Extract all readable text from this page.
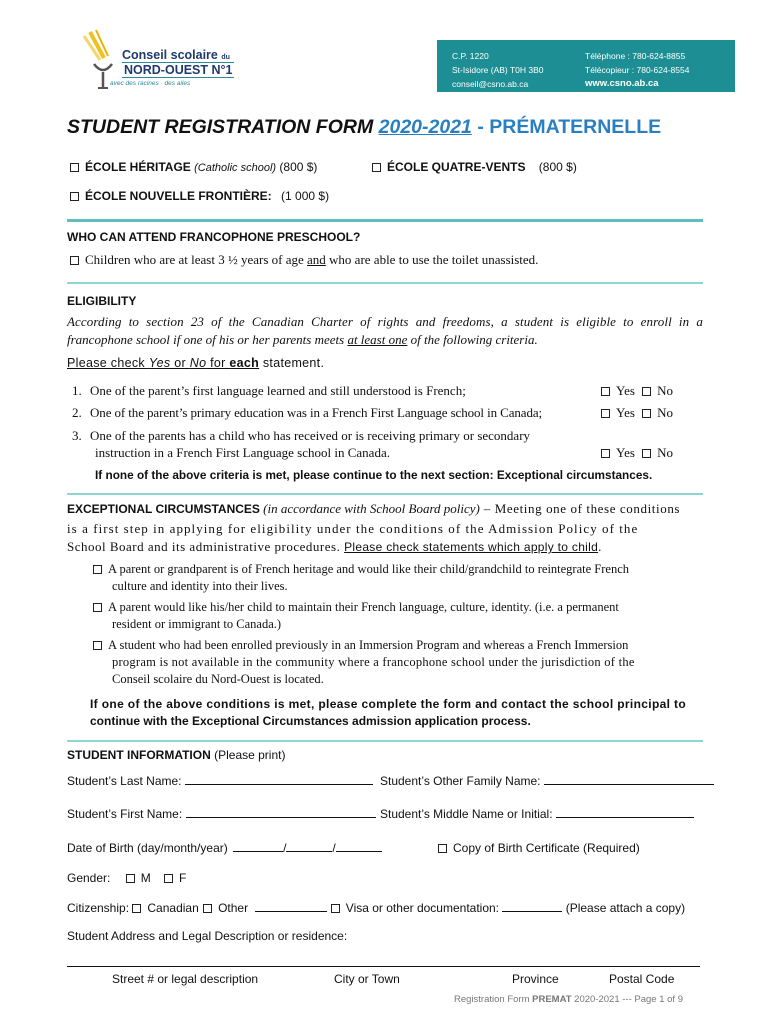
Conseil scolaire du
NORD-OUEST N°1
avec des racines · des ailes
C.P. 1220
St-Isidore (AB) T0H 3B0
conseil@csno.ab.ca
Téléphone : 780-624-8855
Télécopieur : 780-624-8554
www.csno.ab.ca
STUDENT REGISTRATION FORM 2020-2021 - PRÉMATERNELLE
ÉCOLE HÉRITAGE (Catholic school) (800 $)	ÉCOLE QUATRE-VENTS (800 $)
ÉCOLE NOUVELLE FRONTIÈRE: (1 000 $)
WHO CAN ATTEND FRANCOPHONE PRESCHOOL?
Children who are at least 3 ½ years of age and who are able to use the toilet unassisted.
ELIGIBILITY
According to section 23 of the Canadian Charter of rights and freedoms, a student is eligible to enroll in a
francophone school if one of his or her parents meets at least one of the following criteria.
Please check Yes or No for each statement.
1. One of the parent’s first language learned and still understood is French;	Yes No
2. One of the parent’s primary education was in a French First Language school in Canada;	Yes No
3. One of the parents has a child who has received or is receiving primary or secondary
instruction in a French First Language school in Canada.	Yes No
If none of the above criteria is met, please continue to the next section: Exceptional circumstances.
EXCEPTIONAL CIRCUMSTANCES (in accordance with School Board policy) – Meeting one of these conditions
is a first step in applying for eligibility under the conditions of the Admission Policy of the
School Board and its administrative procedures. Please check statements which apply to child.
A parent or grandparent is of French heritage and would like their child/grandchild to reintegrate French
culture and identity into their lives.
A parent would like his/her child to maintain their French language, culture, identity. (i.e. a permanent
resident or immigrant to Canada.)
A student who had been enrolled previously in an Immersion Program and whereas a French Immersion
program is not available in the community where a francophone school under the jurisdiction of the
Conseil scolaire du Nord-Ouest is located.
If one of the above conditions is met, please complete the form and contact the school principal to
continue with the Exceptional Circumstances admission application process.
STUDENT INFORMATION (Please print)
Student’s Last Name:	Student’s Other Family Name:
Student’s First Name:	Student’s Middle Name or Initial:
Date of Birth (day/month/year)	/	/	Copy of Birth Certificate (Required)
Gender:	M F
Citizenship: Canadian Other	Visa or other documentation:	(Please attach a copy)
Student Address and Legal Description or residence:
Street # or legal description	City or Town	Province	Postal Code
Registration Form PREMAT 2020-2021 --- Page 1 of 9
